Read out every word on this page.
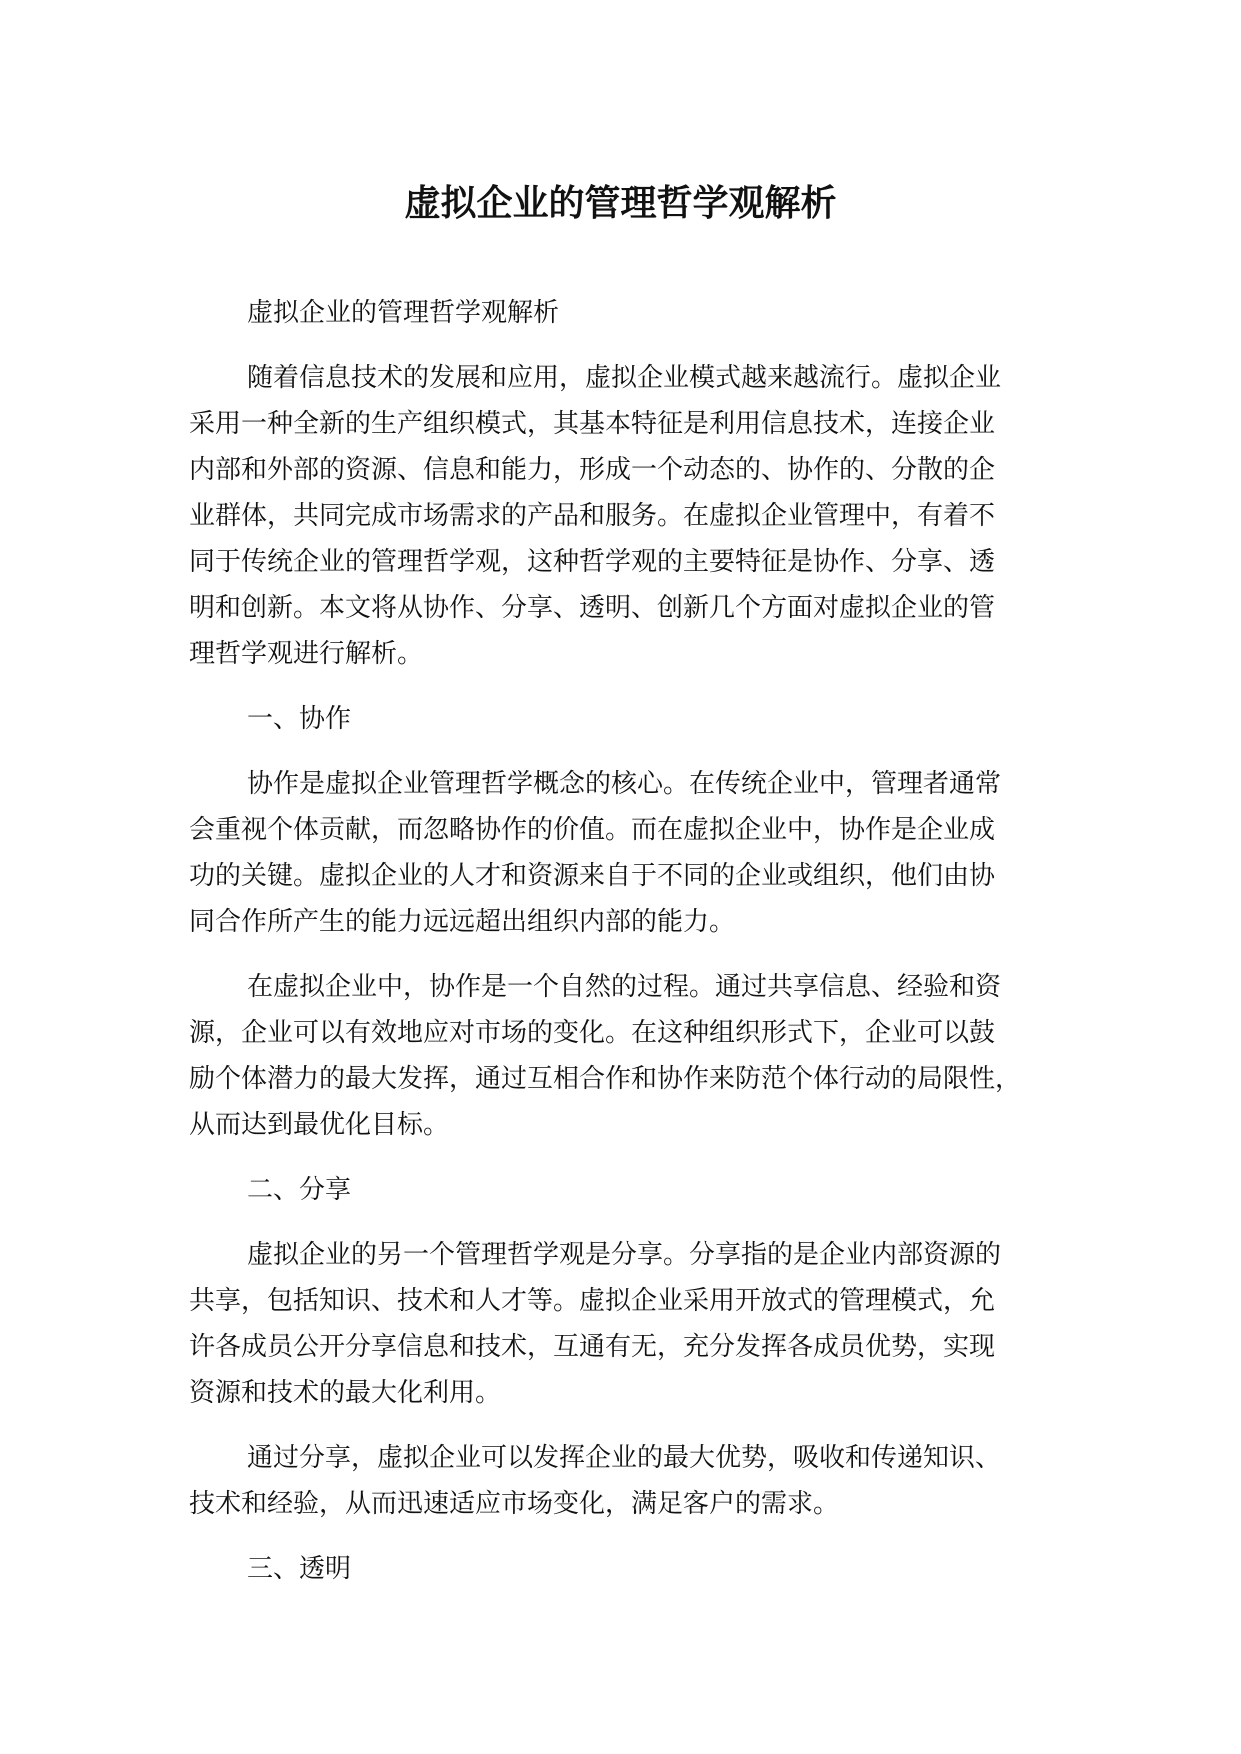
虚拟企业的管理哲学观解析
虚拟企业的管理哲学观解析
随着信息技术的发展和应用，虚拟企业模式越来越流行。虚拟企业
采用一种全新的生产组织模式，其基本特征是利用信息技术，连接企业
内部和外部的资源、信息和能力，形成一个动态的、协作的、分散的企
业群体，共同完成市场需求的产品和服务。在虚拟企业管理中，有着不
同于传统企业的管理哲学观，这种哲学观的主要特征是协作、分享、透
明和创新。本文将从协作、分享、透明、创新几个方面对虚拟企业的管
理哲学观进行解析。
一、协作
协作是虚拟企业管理哲学概念的核心。在传统企业中，管理者通常
会重视个体贡献，而忽略协作的价值。而在虚拟企业中，协作是企业成
功的关键。虚拟企业的人才和资源来自于不同的企业或组织，他们由协
同合作所产生的能力远远超出组织内部的能力。
在虚拟企业中，协作是一个自然的过程。通过共享信息、经验和资
源，企业可以有效地应对市场的变化。在这种组织形式下，企业可以鼓
励个体潜力的最大发挥，通过互相合作和协作来防范个体行动的局限性，
从而达到最优化目标。
二、分享
虚拟企业的另一个管理哲学观是分享。分享指的是企业内部资源的
共享，包括知识、技术和人才等。虚拟企业采用开放式的管理模式，允
许各成员公开分享信息和技术，互通有无，充分发挥各成员优势，实现
资源和技术的最大化利用。
通过分享，虚拟企业可以发挥企业的最大优势，吸收和传递知识、
技术和经验，从而迅速适应市场变化，满足客户的需求。
三、透明
